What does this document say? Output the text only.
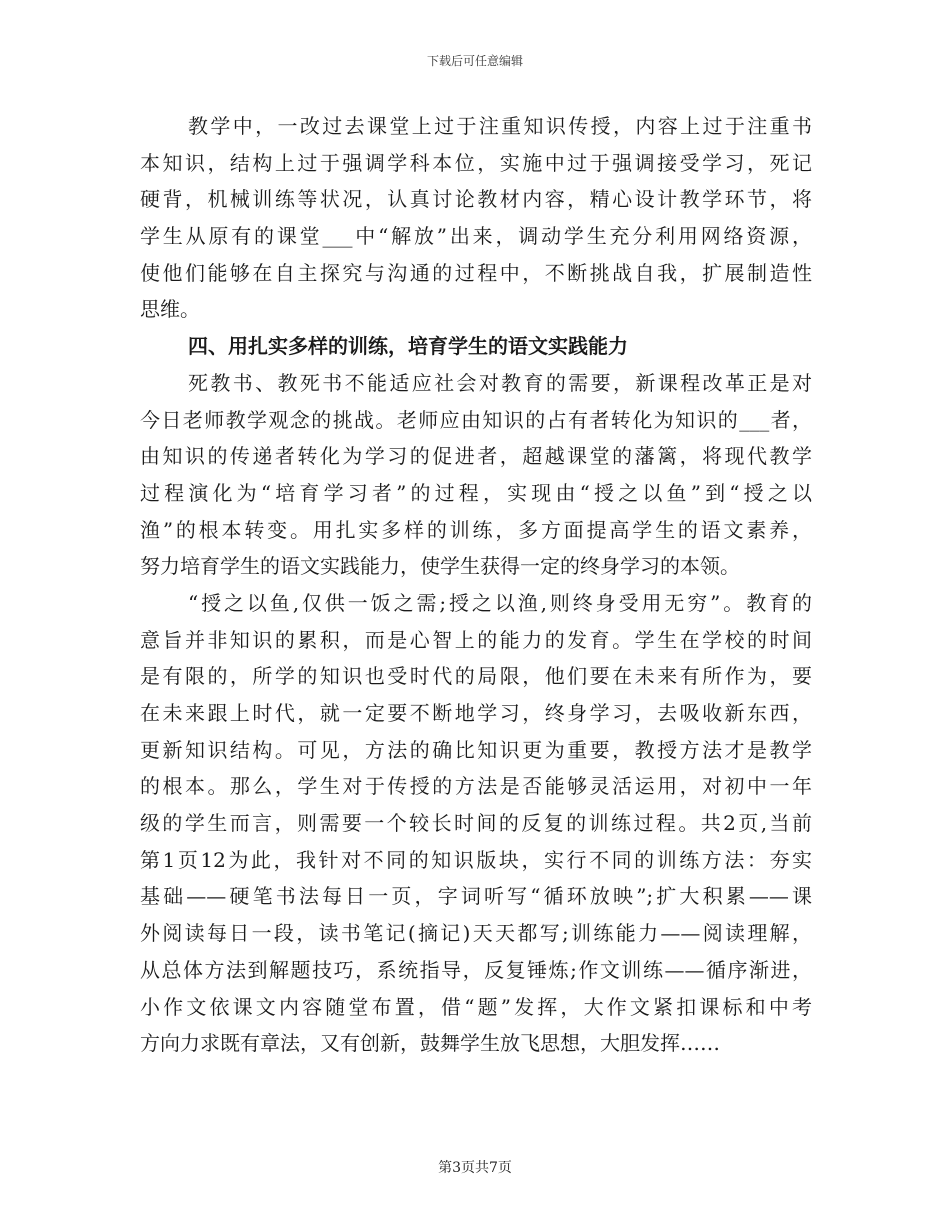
下载后可任意编辑
教学中，一改过去课堂上过于注重知识传授，内容上过于注重书
本知识，结构上过于强调学科本位，实施中过于强调接受学习，死记
硬背，机械训练等状况，认真讨论教材内容，精心设计教学环节，将
学生从原有的课堂___中“解放”出来，调动学生充分利用网络资源，
使他们能够在自主探究与沟通的过程中，不断挑战自我，扩展制造性
思维。
四、用扎实多样的训练，培育学生的语文实践能力
死教书、教死书不能适应社会对教育的需要，新课程改革正是对
今日老师教学观念的挑战。老师应由知识的占有者转化为知识的___者，
由知识的传递者转化为学习的促进者，超越课堂的藩篱，将现代教学
过程演化为“培育学习者”的过程，实现由“授之以鱼”到“授之以
渔”的根本转变。用扎实多样的训练，多方面提高学生的语文素养，
努力培育学生的语文实践能力，使学生获得一定的终身学习的本领。
“授之以鱼,仅供一饭之需;授之以渔,则终身受用无穷”。教育的
意旨并非知识的累积，而是心智上的能力的发育。学生在学校的时间
是有限的，所学的知识也受时代的局限，他们要在未来有所作为，要
在未来跟上时代，就一定要不断地学习，终身学习，去吸收新东西，
更新知识结构。可见，方法的确比知识更为重要，教授方法才是教学
的根本。那么，学生对于传授的方法是否能够灵活运用，对初中一年
级的学生而言，则需要一个较长时间的反复的训练过程。共2页,当前
第1页12为此，我针对不同的知识版块，实行不同的训练方法：夯实
基础——硬笔书法每日一页，字词听写“循环放映”;扩大积累——课
外阅读每日一段，读书笔记(摘记)天天都写;训练能力——阅读理解，
从总体方法到解题技巧，系统指导，反复锤炼;作文训练——循序渐进，
小作文依课文内容随堂布置，借“题”发挥，大作文紧扣课标和中考
方向力求既有章法，又有创新，鼓舞学生放飞思想，大胆发挥……
第3页共7页
